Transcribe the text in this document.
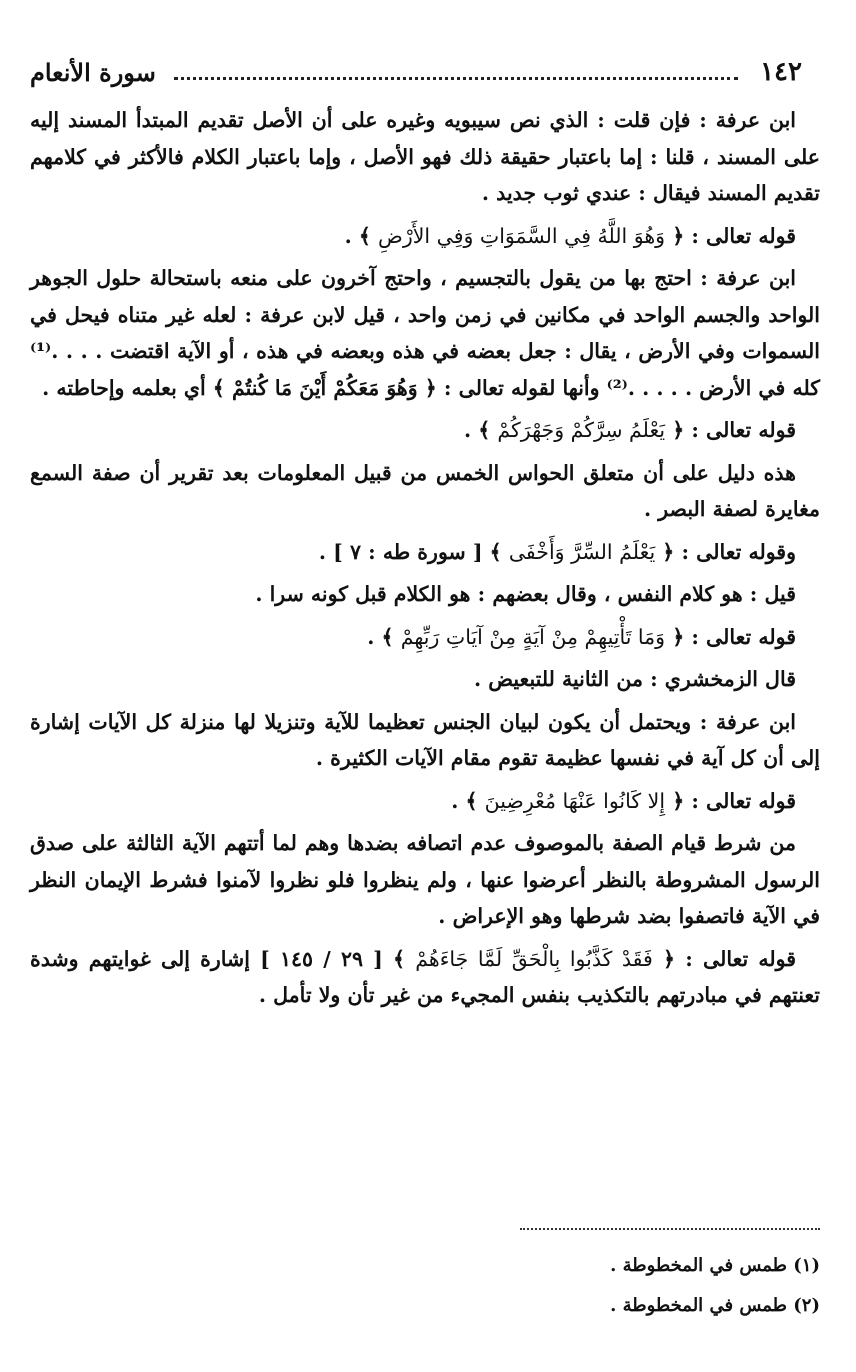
١٤٢
سورة الأنعام

ابن عرفة : فإن قلت : الذي نص سيبويه وغيره على أن الأصل تقديم المبتدأ المسند إليه على المسند ، قلنا : إما باعتبار حقيقة ذلك فهو الأصل ، وإما باعتبار الكلام فالأكثر في كلامهم تقديم المسند فيقال : عندي ثوب جديد .

قوله تعالى : ﴿ وَهُوَ اللَّهُ فِي السَّمَوَاتِ وَفِي الأَرْضِ ﴾ .

ابن عرفة : احتج بها من يقول بالتجسيم ، واحتج آخرون على منعه باستحالة حلول الجوهر الواحد والجسم الواحد في مكانين في زمن واحد ، قيل لابن عرفة : لعله غير متناه فيحل في السموات وفي الأرض ، يقال : جعل بعضه في هذه وبعضه في هذه ، أو الآية اقتضت . . . .⁽¹⁾ كله في الأرض . . . . .⁽²⁾ وأنها لقوله تعالى : ﴿ وَهُوَ مَعَكُمْ أَيْنَ مَا كُنتُمْ ﴾ أي بعلمه وإحاطته .

قوله تعالى : ﴿ يَعْلَمُ سِرَّكُمْ وَجَهْرَكُمْ ﴾ .

هذه دليل على أن متعلق الحواس الخمس من قبيل المعلومات بعد تقرير أن صفة السمع مغايرة لصفة البصر .

وقوله تعالى : ﴿ يَعْلَمُ السِّرَّ وَأَخْفَى ﴾ [ سورة طه : ٧ ] .

قيل : هو كلام النفس ، وقال بعضهم : هو الكلام قبل كونه سرا .

قوله تعالى : ﴿ وَمَا تَأْتِيهِمْ مِنْ آيَةٍ مِنْ آيَاتِ رَبِّهِمْ ﴾ .

قال الزمخشري : من الثانية للتبعيض .

ابن عرفة : ويحتمل أن يكون لبيان الجنس تعظيما للآية وتنزيلا لها منزلة كل الآيات إشارة إلى أن كل آية في نفسها عظيمة تقوم مقام الآيات الكثيرة .

قوله تعالى : ﴿ إِلا كَانُوا عَنْهَا مُعْرِضِينَ ﴾ .

من شرط قيام الصفة بالموصوف عدم اتصافه بضدها وهم لما أتتهم الآية الثالثة على صدق الرسول المشروطة بالنظر أعرضوا عنها ، ولم ينظروا فلو نظروا لآمنوا فشرط الإيمان النظر في الآية فاتصفوا بضد شرطها وهو الإعراض .

قوله تعالى : ﴿ فَقَدْ كَذَّبُوا بِالْحَقِّ لَمَّا جَاءَهُمْ ﴾ [ ٢٩ / ١٤٥ ] إشارة إلى غوايتهم وشدة تعنتهم في مبادرتهم بالتكذيب بنفس المجيء من غير تأن ولا تأمل .

(١) طمس في المخطوطة .
(٢) طمس في المخطوطة .
